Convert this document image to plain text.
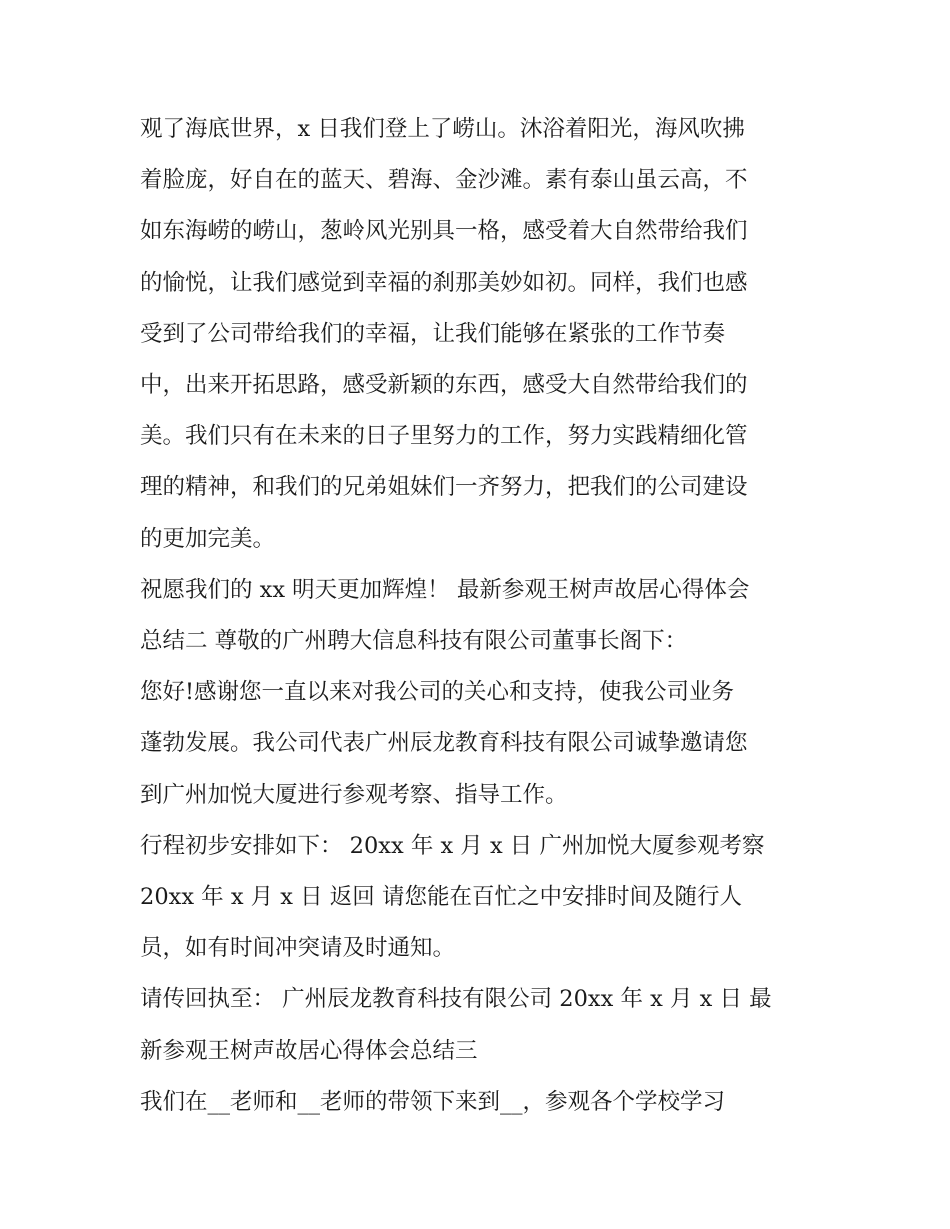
观了海底世界，x 日我们登上了崂山。沐浴着阳光，海风吹拂
着脸庞，好自在的蓝天、碧海、金沙滩。素有泰山虽云高，不
如东海崂的崂山，葱岭风光别具一格，感受着大自然带给我们
的愉悦，让我们感觉到幸福的刹那美妙如初。同样，我们也感
受到了公司带给我们的幸福，让我们能够在紧张的工作节奏
中，出来开拓思路，感受新颖的东西，感受大自然带给我们的
美。我们只有在未来的日子里努力的工作，努力实践精细化管
理的精神，和我们的兄弟姐妹们一齐努力，把我们的公司建设
的更加完美。
祝愿我们的 xx 明天更加辉煌！ 最新参观王树声故居心得体会
总结二 尊敬的广州聘大信息科技有限公司董事长阁下：
您好!感谢您一直以来对我公司的关心和支持，使我公司业务
蓬勃发展。我公司代表广州辰龙教育科技有限公司诚挚邀请您
到广州加悦大厦进行参观考察、指导工作。
行程初步安排如下： 20xx 年 x 月 x 日 广州加悦大厦参观考察
20xx 年 x 月 x 日 返回 请您能在百忙之中安排时间及随行人
员，如有时间冲突请及时通知。
请传回执至： 广州辰龙教育科技有限公司 20xx 年 x 月 x 日 最
新参观王树声故居心得体会总结三
我们在__老师和__老师的带领下来到__，参观各个学校学习
